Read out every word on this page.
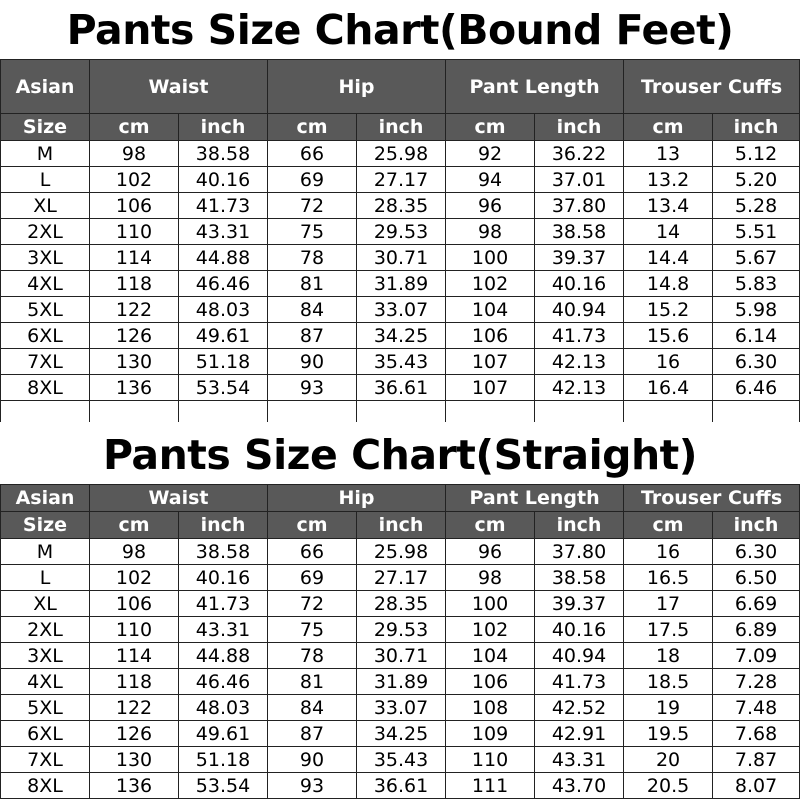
Pants Size Chart(Bound Feet)
Asian	Waist		Hip		Pant Length		Trouser Cuffs	
Size	cm	inch	cm	inch	cm	inch	cm	inch
M	98	38.58	66	25.98	92	36.22	13	5.12
L	102	40.16	69	27.17	94	37.01	13.2	5.20
XL	106	41.73	72	28.35	96	37.80	13.4	5.28
2XL	110	43.31	75	29.53	98	38.58	14	5.51
3XL	114	44.88	78	30.71	100	39.37	14.4	5.67
4XL	118	46.46	81	31.89	102	40.16	14.8	5.83
5XL	122	48.03	84	33.07	104	40.94	15.2	5.98
6XL	126	49.61	87	34.25	106	41.73	15.6	6.14
7XL	130	51.18	90	35.43	107	42.13	16	6.30
8XL	136	53.54	93	36.61	107	42.13	16.4	6.46

Pants Size Chart(Straight)
Asian	Waist		Hip		Pant Length		Trouser Cuffs	
Size	cm	inch	cm	inch	cm	inch	cm	inch
M	98	38.58	66	25.98	96	37.80	16	6.30
L	102	40.16	69	27.17	98	38.58	16.5	6.50
XL	106	41.73	72	28.35	100	39.37	17	6.69
2XL	110	43.31	75	29.53	102	40.16	17.5	6.89
3XL	114	44.88	78	30.71	104	40.94	18	7.09
4XL	118	46.46	81	31.89	106	41.73	18.5	7.28
5XL	122	48.03	84	33.07	108	42.52	19	7.48
6XL	126	49.61	87	34.25	109	42.91	19.5	7.68
7XL	130	51.18	90	35.43	110	43.31	20	7.87
8XL	136	53.54	93	36.61	111	43.70	20.5	8.07
